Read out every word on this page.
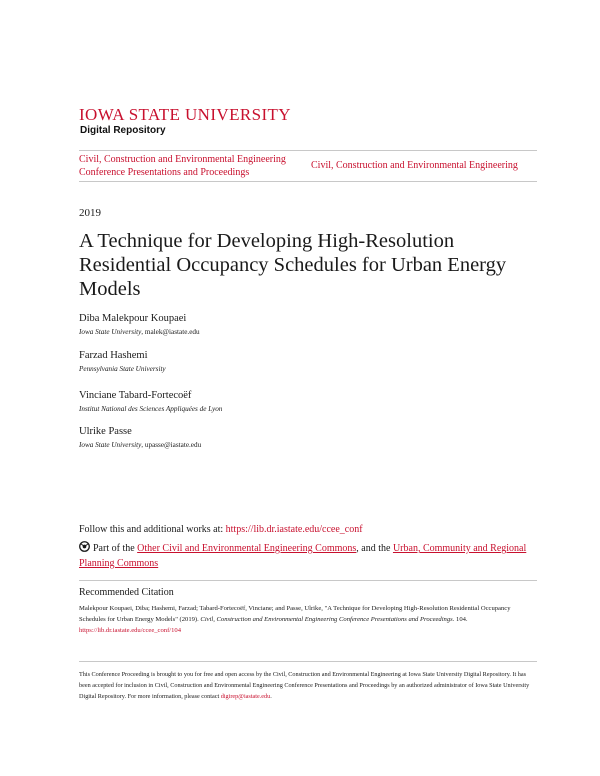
IOWA STATE UNIVERSITY
Digital Repository
Civil, Construction and Environmental Engineering
Conference Presentations and Proceedings
Civil, Construction and Environmental Engineering
2019
A Technique for Developing High-Resolution Residential Occupancy Schedules for Urban Energy Models
Diba Malekpour Koupaei
Iowa State University, malek@iastate.edu
Farzad Hashemi
Pennsylvania State University
Vinciane Tabard-Fortecoëf
Institut National des Sciences Appliquées de Lyon
Ulrike Passe
Iowa State University, upasse@iastate.edu
Follow this and additional works at: https://lib.dr.iastate.edu/ccee_conf
Part of the Other Civil and Environmental Engineering Commons, and the Urban, Community and Regional Planning Commons
Recommended Citation
Malekpour Koupaei, Diba; Hashemi, Farzad; Tabard-Fortecoëf, Vinciane; and Passe, Ulrike, "A Technique for Developing High-Resolution Residential Occupancy Schedules for Urban Energy Models" (2019). Civil, Construction and Environmental Engineering Conference Presentations and Proceedings. 104.
https://lib.dr.iastate.edu/ccee_conf/104
This Conference Proceeding is brought to you for free and open access by the Civil, Construction and Environmental Engineering at Iowa State University Digital Repository. It has been accepted for inclusion in Civil, Construction and Environmental Engineering Conference Presentations and Proceedings by an authorized administrator of Iowa State University Digital Repository. For more information, please contact digirep@iastate.edu.
